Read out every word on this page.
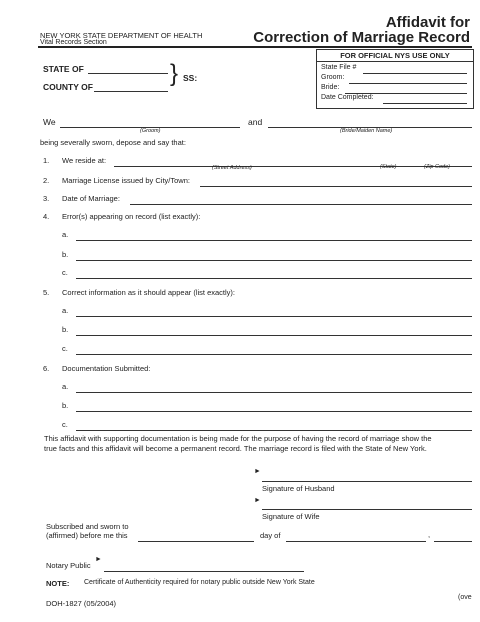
NEW YORK STATE DEPARTMENT OF HEALTH
Vital Records Section
Affidavit for
Correction of Marriage Record
STATE OF
COUNTY OF	} SS:
FOR OFFICIAL NYS USE ONLY
State File #
Groom:
Bride:
Date Completed:
We
(Groom)
and
(Bride/Maiden Name)
being severally sworn, depose and say that:
1. We reside at:
(Street Address)	(State)	(Zip Code)
2. Marriage License issued by City/Town:
3. Date of Marriage:
4. Error(s) appearing on record (list exactly):
a.
b.
c.
5. Correct information as it should appear (list exactly):
a.
b.
c.
6. Documentation Submitted:
a.
b.
c.
This affidavit with supporting documentation is being made for the purpose of having the record of marriage show the
true facts and this affidavit will become a permanent record. The marriage record is filed with the State of New York.
►
Signature of Husband
►
Signature of Wife
Subscribed and sworn to
(affirmed) before me this	day of	,
Notary Public
►
NOTE: Certificate of Authenticity required for notary public outside New York State
DOH-1827 (05/2004)
(ove
